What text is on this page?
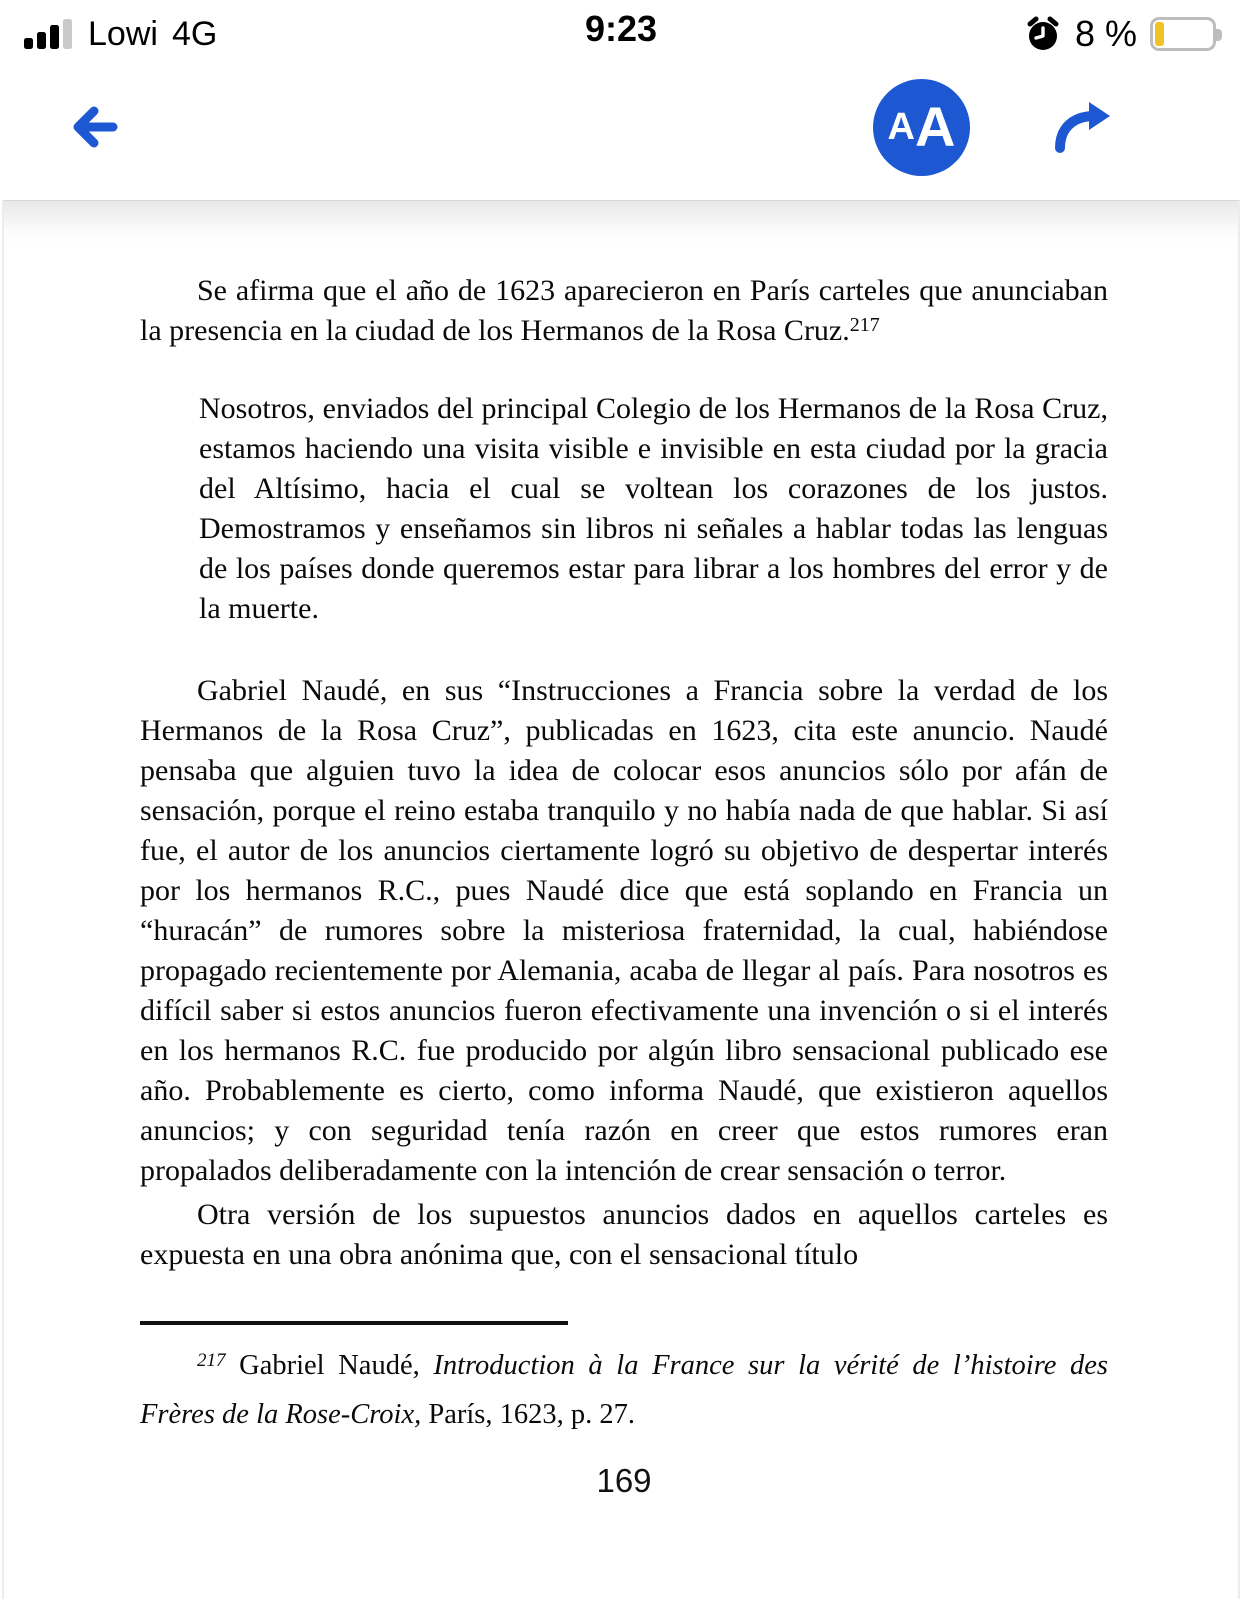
Lowi 4G	9:23	8 %
A A

Se afirma que el año de 1623 aparecieron en París carteles que anunciaban la presencia en la ciudad de los Hermanos de la Rosa Cruz.$^{217}$

Nosotros, enviados del principal Colegio de los Hermanos de la Rosa Cruz, estamos haciendo una visita visible e invisible en esta ciudad por la gracia del Altísimo, hacia el cual se voltean los corazones de los justos. Demostramos y enseñamos sin libros ni señales a hablar todas las lenguas de los países donde queremos estar para librar a los hombres del error y de la muerte.

Gabriel Naudé, en sus “Instrucciones a Francia sobre la verdad de los Hermanos de la Rosa Cruz”, publicadas en 1623, cita este anuncio. Naudé pensaba que alguien tuvo la idea de colocar esos anuncios sólo por afán de sensación, porque el reino estaba tranquilo y no había nada de que hablar. Si así fue, el autor de los anuncios ciertamente logró su objetivo de despertar interés por los hermanos R.C., pues Naudé dice que está soplando en Francia un “huracán” de rumores sobre la misteriosa fraternidad, la cual, habiéndose propagado recientemente por Alemania, acaba de llegar al país. Para nosotros es difícil saber si estos anuncios fueron efectivamente una invención o si el interés en los hermanos R.C. fue producido por algún libro sensacional publicado ese año. Probablemente es cierto, como informa Naudé, que existieron aquellos anuncios; y con seguridad tenía razón en creer que estos rumores eran propalados deliberadamente con la intención de crear sensación o terror.

Otra versión de los supuestos anuncios dados en aquellos carteles es expuesta en una obra anónima que, con el sensacional título

$^{217}$ Gabriel Naudé, Introduction à la France sur la vérité de l’histoire des Frères de la Rose-Croix, París, 1623, p. 27.

169
